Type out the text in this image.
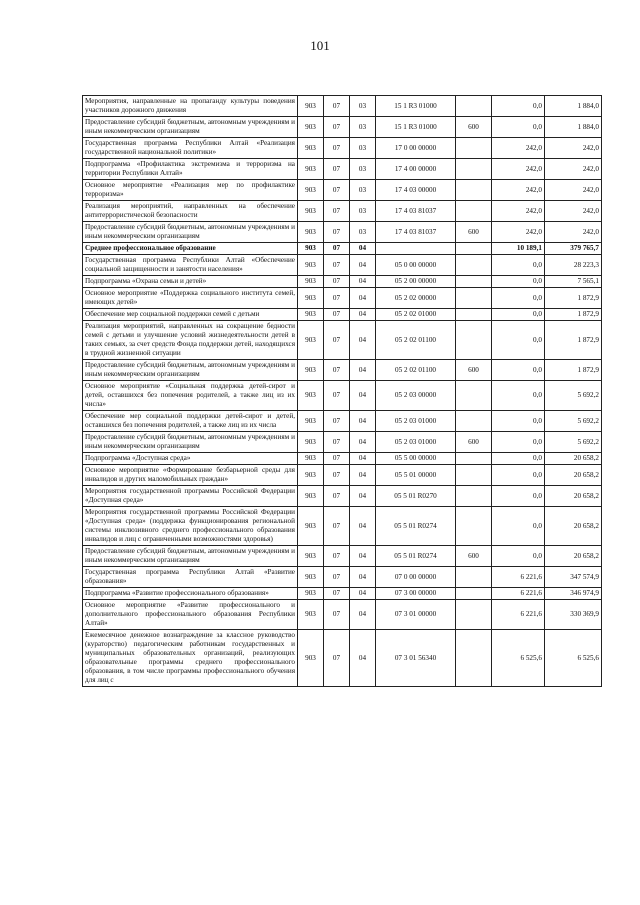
101
Мероприятия, направленные на пропаганду культуры поведения участников дорожного движения	903	07	03	15 1 R3 01000		0,0	1 884,0
Предоставление субсидий бюджетным, автономным учреждениям и иным некоммерческим организациям	903	07	03	15 1 R3 01000	600	0,0	1 884,0
Государственная программа Республики Алтай «Реализация государственной национальной политики»	903	07	03	17 0 00 00000		242,0	242,0
Подпрограмма «Профилактика экстремизма и терроризма на территории Республики Алтай»	903	07	03	17 4 00 00000		242,0	242,0
Основное мероприятие «Реализация мер по профилактике терроризма»	903	07	03	17 4 03 00000		242,0	242,0
Реализация мероприятий, направленных на обеспечение антитеррористической безопасности	903	07	03	17 4 03 81037		242,0	242,0
Предоставление субсидий бюджетным, автономным учреждениям и иным некоммерческим организациям	903	07	03	17 4 03 81037	600	242,0	242,0
Среднее профессиональное образование	903	07	04			10 189,1	379 765,7
Государственная программа Республики Алтай «Обеспечение социальной защищенности и занятости населения»	903	07	04	05 0 00 00000		0,0	28 223,3
Подпрограмма «Охрана семьи и детей»	903	07	04	05 2 00 00000		0,0	7 565,1
Основное мероприятие «Поддержка социального института семей, имеющих детей»	903	07	04	05 2 02 00000		0,0	1 872,9
Обеспечение мер социальной поддержки семей с детьми	903	07	04	05 2 02 01000		0,0	1 872,9
Реализация мероприятий, направленных на сокращение бедности семей с детьми и улучшение условий жизнедеятельности детей в таких семьях, за счет средств Фонда поддержки детей, находящихся в трудной жизненной ситуации	903	07	04	05 2 02 01100		0,0	1 872,9
Предоставление субсидий бюджетным, автономным учреждениям и иным некоммерческим организациям	903	07	04	05 2 02 01100	600	0,0	1 872,9
Основное мероприятие «Социальная поддержка детей-сирот и детей, оставшихся без попечения родителей, а также лиц из их числа»	903	07	04	05 2 03 00000		0,0	5 692,2
Обеспечение мер социальной поддержки детей-сирот и детей, оставшихся без попечения родителей, а также лиц из их числа	903	07	04	05 2 03 01000		0,0	5 692,2
Предоставление субсидий бюджетным, автономным учреждениям и иным некоммерческим организациям	903	07	04	05 2 03 01000	600	0,0	5 692,2
Подпрограмма «Доступная среда»	903	07	04	05 5 00 00000		0,0	20 658,2
Основное мероприятие «Формирование безбарьерной среды для инвалидов и других маломобильных граждан»	903	07	04	05 5 01 00000		0,0	20 658,2
Мероприятия государственной программы Российской Федерации «Доступная среда»	903	07	04	05 5 01 R0270		0,0	20 658,2
Мероприятия государственной программы Российской Федерации «Доступная среда» (поддержка функционирования региональной системы инклюзивного среднего профессионального образования инвалидов и лиц с ограниченными возможностями здоровья)	903	07	04	05 5 01 R0274		0,0	20 658,2
Предоставление субсидий бюджетным, автономным учреждениям и иным некоммерческим организациям	903	07	04	05 5 01 R0274	600	0,0	20 658,2
Государственная программа Республики Алтай «Развитие образования»	903	07	04	07 0 00 00000		6 221,6	347 574,9
Подпрограмма «Развитие профессионального образования»	903	07	04	07 3 00 00000		6 221,6	346 974,9
Основное мероприятие «Развитие профессионального и дополнительного профессионального образования Республики Алтай»	903	07	04	07 3 01 00000		6 221,6	330 369,9
Ежемесячное денежное вознаграждение за классное руководство (кураторство) педагогическим работникам государственных и муниципальных образовательных организаций, реализующих образовательные программы среднего профессионального образования, в том числе программы профессионального обучения для лиц с	903	07	04	07 3 01 56340		6 525,6	6 525,6
